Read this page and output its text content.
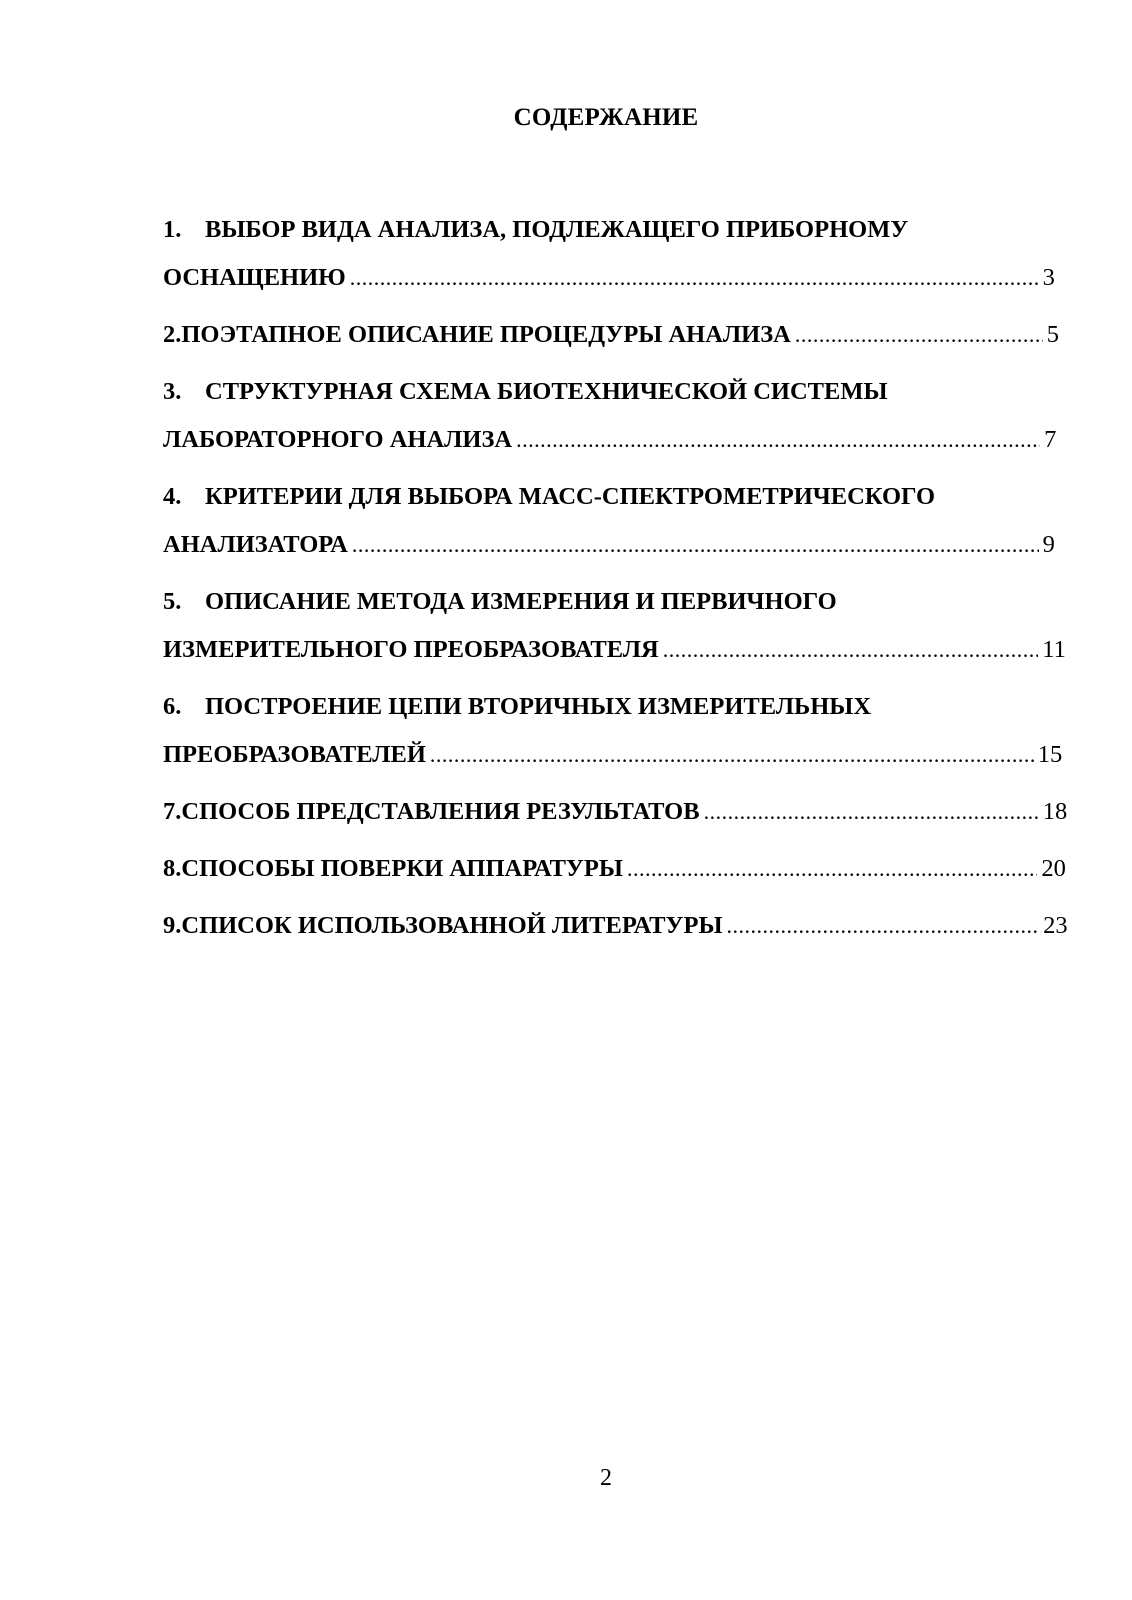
СОДЕРЖАНИЕ
1. ВЫБОР ВИДА АНАЛИЗА, ПОДЛЕЖАЩЕГО ПРИБОРНОМУ
ОСНАЩЕНИЮ .....	3
2. ПОЭТАПНОЕ ОПИСАНИЕ ПРОЦЕДУРЫ АНАЛИЗА .....	5
3. СТРУКТУРНАЯ СХЕМА БИОТЕХНИЧЕСКОЙ СИСТЕМЫ
ЛАБОРАТОРНОГО АНАЛИЗА .....	7
4. КРИТЕРИИ ДЛЯ ВЫБОРА МАСС-СПЕКТРОМЕТРИЧЕСКОГО
АНАЛИЗАТОРА .....	9
5. ОПИСАНИЕ МЕТОДА ИЗМЕРЕНИЯ И ПЕРВИЧНОГО
ИЗМЕРИТЕЛЬНОГО ПРЕОБРАЗОВАТЕЛЯ .....	11
6. ПОСТРОЕНИЕ ЦЕПИ ВТОРИЧНЫХ ИЗМЕРИТЕЛЬНЫХ
ПРЕОБРАЗОВАТЕЛЕЙ .....	15
7. СПОСОБ ПРЕДСТАВЛЕНИЯ РЕЗУЛЬТАТОВ .....	18
8. СПОСОБЫ ПОВЕРКИ АППАРАТУРЫ .....	20
9. СПИСОК ИСПОЛЬЗОВАННОЙ ЛИТЕРАТУРЫ .....	23
2
